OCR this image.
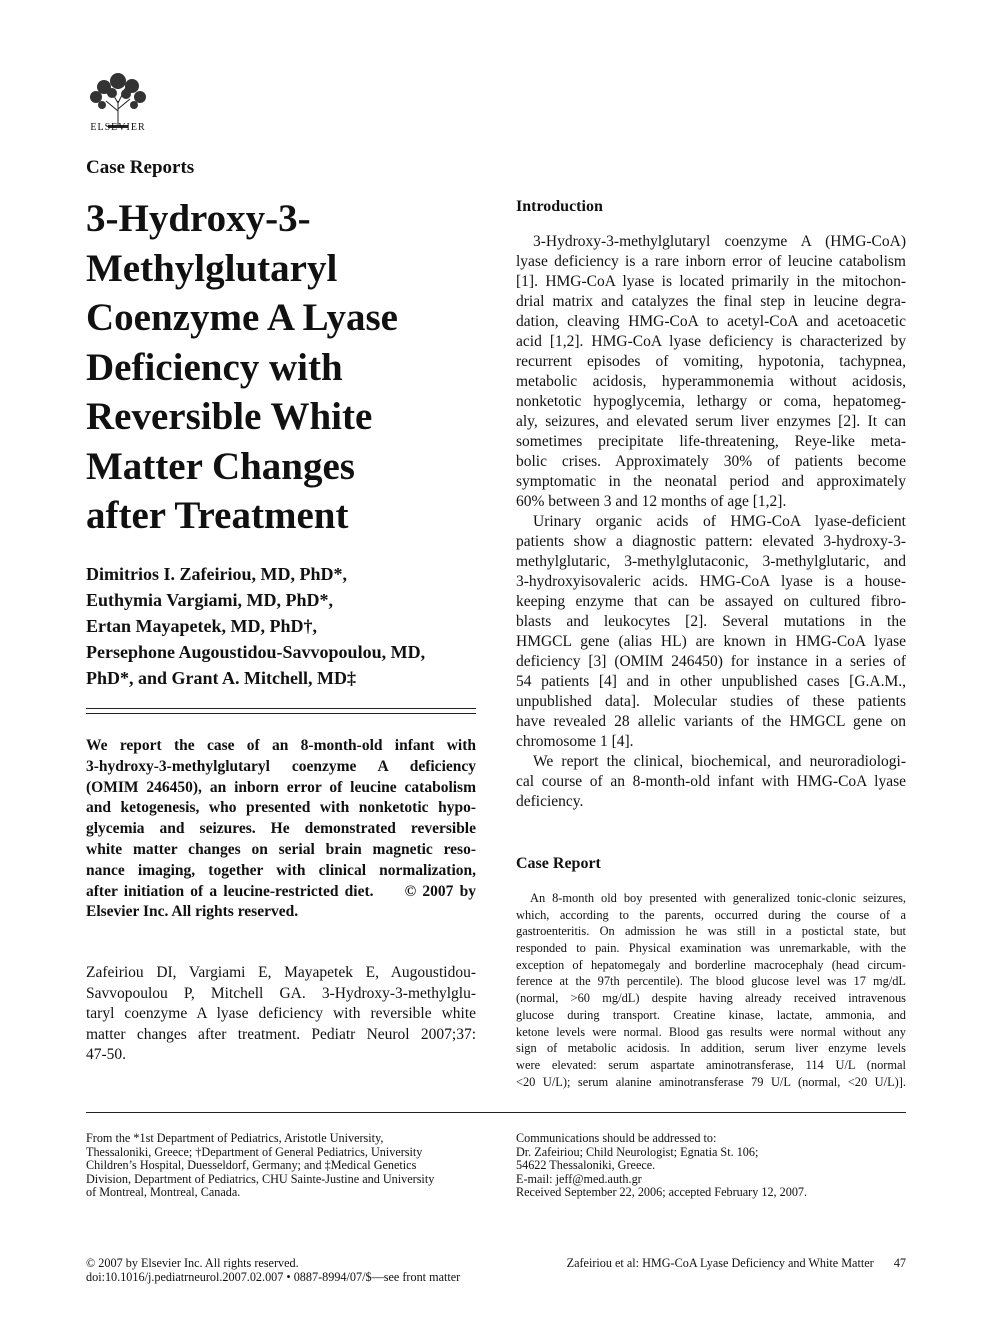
ELSEVIER
Case Reports
3-Hydroxy-3-
Methylglutaryl
Coenzyme A Lyase
Deficiency with
Reversible White
Matter Changes
after Treatment
Dimitrios I. Zafeiriou, MD, PhD*,
Euthymia Vargiami, MD, PhD*,
Ertan Mayapetek, MD, PhD†,
Persephone Augoustidou-Savvopoulou, MD,
PhD*, and Grant A. Mitchell, MD‡
We report the case of an 8-month-old infant with
3-hydroxy-3-methylglutaryl coenzyme A deficiency
(OMIM 246450), an inborn error of leucine catabolism
and ketogenesis, who presented with nonketotic hypo-
glycemia and seizures. He demonstrated reversible
white matter changes on serial brain magnetic reso-
nance imaging, together with clinical normalization,
after initiation of a leucine-restricted diet.     © 2007 by
Elsevier Inc. All rights reserved.
Zafeiriou DI, Vargiami E, Mayapetek E, Augoustidou-
Savvopoulou P, Mitchell GA. 3-Hydroxy-3-methylglu-
taryl coenzyme A lyase deficiency with reversible white
matter changes after treatment. Pediatr Neurol 2007;37:
47-50.
Introduction
3-Hydroxy-3-methylglutaryl coenzyme A (HMG-CoA)
lyase deficiency is a rare inborn error of leucine catabolism
[1]. HMG-CoA lyase is located primarily in the mitochon-
drial matrix and catalyzes the final step in leucine degra-
dation, cleaving HMG-CoA to acetyl-CoA and acetoacetic
acid [1,2]. HMG-CoA lyase deficiency is characterized by
recurrent episodes of vomiting, hypotonia, tachypnea,
metabolic acidosis, hyperammonemia without acidosis,
nonketotic hypoglycemia, lethargy or coma, hepatomeg-
aly, seizures, and elevated serum liver enzymes [2]. It can
sometimes precipitate life-threatening, Reye-like meta-
bolic crises. Approximately 30% of patients become
symptomatic in the neonatal period and approximately
60% between 3 and 12 months of age [1,2].
Urinary organic acids of HMG-CoA lyase-deficient
patients show a diagnostic pattern: elevated 3-hydroxy-3-
methylglutaric, 3-methylglutaconic, 3-methylglutaric, and
3-hydroxyisovaleric acids. HMG-CoA lyase is a house-
keeping enzyme that can be assayed on cultured fibro-
blasts and leukocytes [2]. Several mutations in the
HMGCL gene (alias HL) are known in HMG-CoA lyase
deficiency [3] (OMIM 246450) for instance in a series of
54 patients [4] and in other unpublished cases [G.A.M.,
unpublished data]. Molecular studies of these patients
have revealed 28 allelic variants of the HMGCL gene on
chromosome 1 [4].
We report the clinical, biochemical, and neuroradiologi-
cal course of an 8-month-old infant with HMG-CoA lyase
deficiency.
Case Report
An 8-month old boy presented with generalized tonic-clonic seizures,
which, according to the parents, occurred during the course of a
gastroenteritis. On admission he was still in a postictal state, but
responded to pain. Physical examination was unremarkable, with the
exception of hepatomegaly and borderline macrocephaly (head circum-
ference at the 97th percentile). The blood glucose level was 17 mg/dL
(normal, >60 mg/dL) despite having already received intravenous
glucose during transport. Creatine kinase, lactate, ammonia, and
ketone levels were normal. Blood gas results were normal without any
sign of metabolic acidosis. In addition, serum liver enzyme levels
were elevated: serum aspartate aminotransferase, 114 U/L (normal
<20 U/L); serum alanine aminotransferase 79 U/L (normal, <20 U/L)].
From the *1st Department of Pediatrics, Aristotle University,
Thessaloniki, Greece; †Department of General Pediatrics, University
Children’s Hospital, Duesseldorf, Germany; and ‡Medical Genetics
Division, Department of Pediatrics, CHU Sainte-Justine and University
of Montreal, Montreal, Canada.
Communications should be addressed to:
Dr. Zafeiriou; Child Neurologist; Egnatia St. 106;
54622 Thessaloniki, Greece.
E-mail: jeff@med.auth.gr
Received September 22, 2006; accepted February 12, 2007.
© 2007 by Elsevier Inc. All rights reserved.
doi:10.1016/j.pediatrneurol.2007.02.007 • 0887-8994/07/$—see front matter
Zafeiriou et al: HMG-CoA Lyase Deficiency and White Matter 47
